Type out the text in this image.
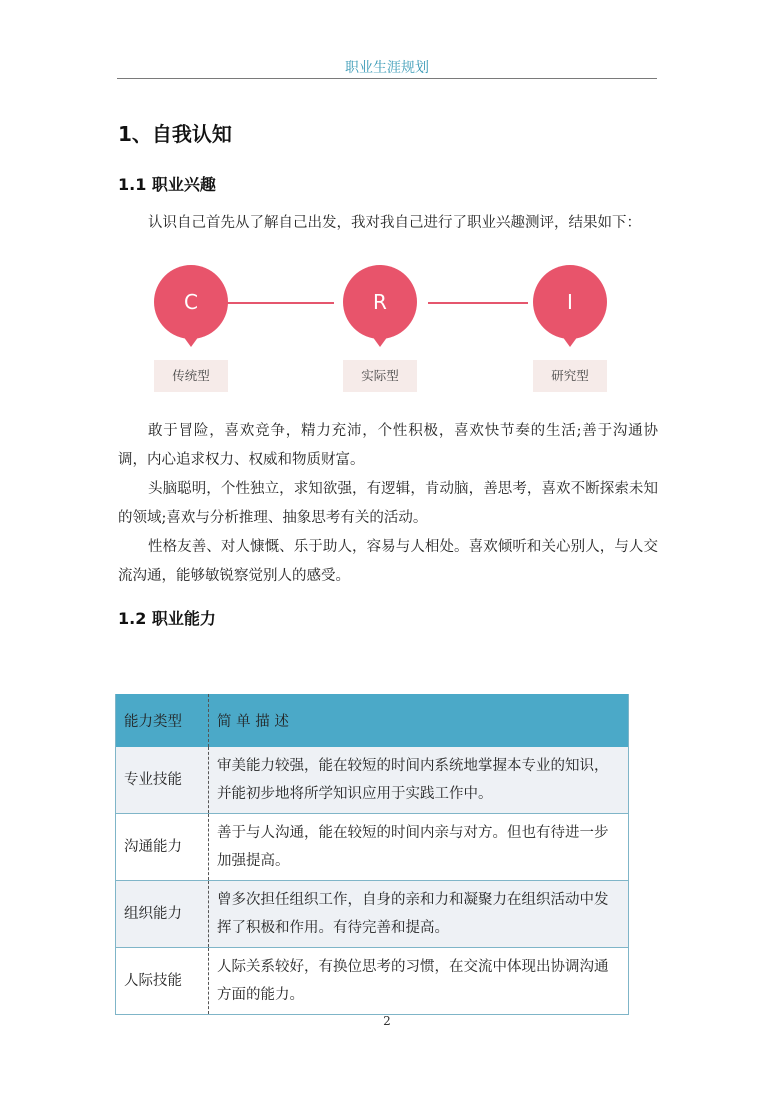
职业生涯规划
1、自我认知
1.1 职业兴趣

认识自己首先从了解自己出发，我对我自己进行了职业兴趣测评，结果如下：

C
传统型
R
实际型
I
研究型

敢于冒险，喜欢竞争，精力充沛，个性积极，喜欢快节奏的生活;善于沟通协调，内心追求权力、权威和物质财富。

头脑聪明，个性独立，求知欲强，有逻辑，肯动脑，善思考，喜欢不断探索未知的领域;喜欢与分析推理、抽象思考有关的活动。

性格友善、对人慷慨、乐于助人，容易与人相处。喜欢倾听和关心别人，与人交流沟通，能够敏锐察觉别人的感受。

1.2 职业能力
能力类型	简 单 描 述
专业技能	审美能力较强，能在较短的时间内系统地掌握本专业的知识，并能初步地将所学知识应用于实践工作中。
沟通能力	善于与人沟通，能在较短的时间内亲与对方。但也有待进一步加强提高。
组织能力	曾多次担任组织工作，自身的亲和力和凝聚力在组织活动中发挥了积极和作用。有待完善和提高。
人际技能	人际关系较好，有换位思考的习惯，在交流中体现出协调沟通方面的能力。
2
